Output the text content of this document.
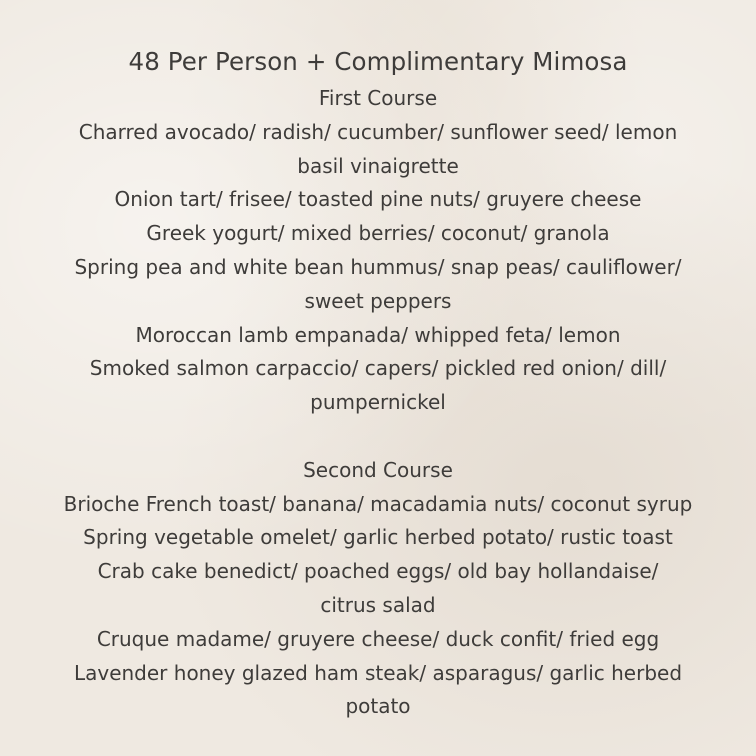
48 Per Person + Complimentary Mimosa

First Course

Charred avocado/ radish/ cucumber/ sunflower seed/ lemon

basil vinaigrette

Onion tart/ frisee/ toasted pine nuts/ gruyere cheese

Greek yogurt/ mixed berries/ coconut/ granola

Spring pea and white bean hummus/ snap peas/ cauliflower/

sweet peppers

Moroccan lamb empanada/ whipped feta/ lemon

Smoked salmon carpaccio/ capers/ pickled red onion/ dill/

pumpernickel

Second Course

Brioche French toast/ banana/ macadamia nuts/ coconut syrup

Spring vegetable omelet/ garlic herbed potato/ rustic toast

Crab cake benedict/ poached eggs/ old bay hollandaise/

citrus salad

Cruque madame/ gruyere cheese/ duck confit/ fried egg

Lavender honey glazed ham steak/ asparagus/ garlic herbed

potato
